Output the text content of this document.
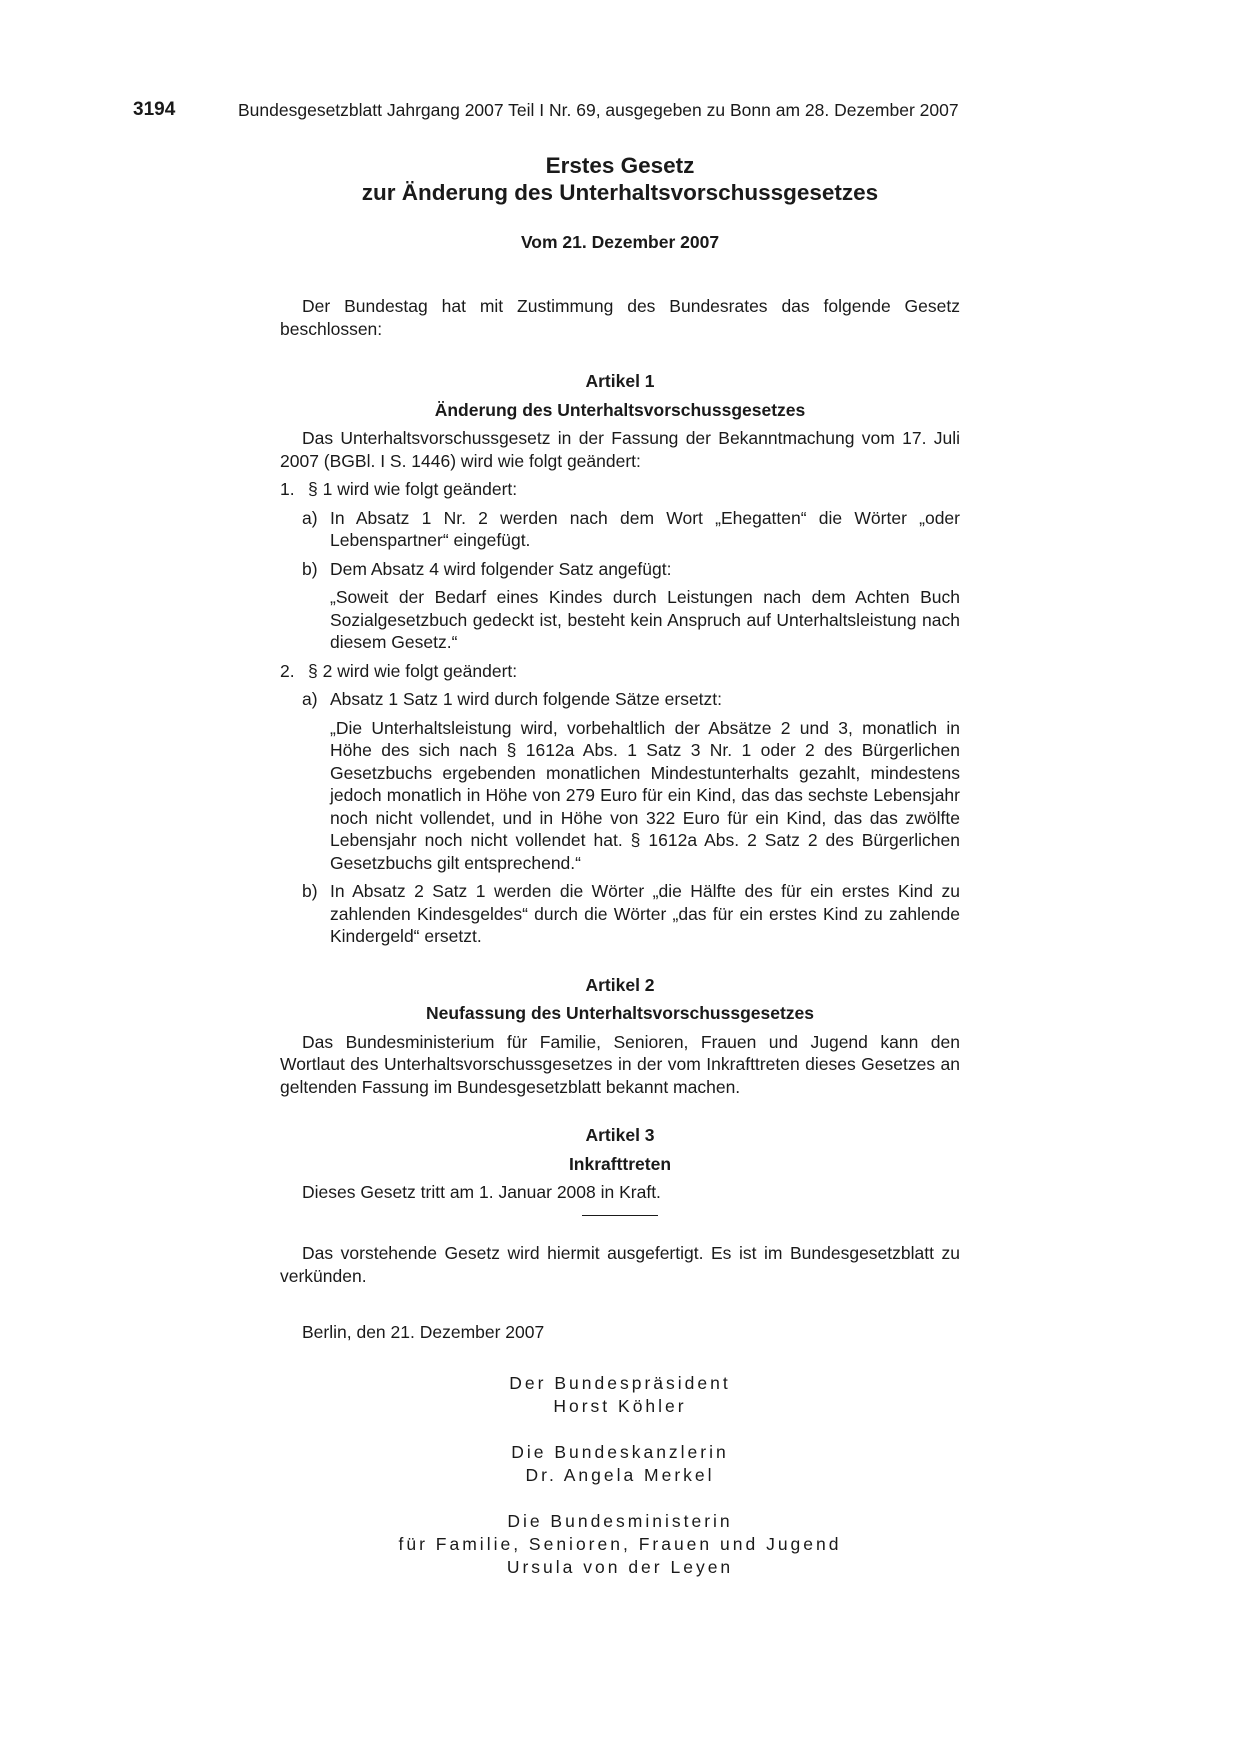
3194	Bundesgesetzblatt Jahrgang 2007 Teil I Nr. 69, ausgegeben zu Bonn am 28. Dezember 2007
Erstes Gesetz
zur Änderung des Unterhaltsvorschussgesetzes
Vom 21. Dezember 2007

Der Bundestag hat mit Zustimmung des Bundesrates das folgende Gesetz beschlossen:

Artikel 1

Änderung des Unterhaltsvorschussgesetzes

Das Unterhaltsvorschussgesetz in der Fassung der Bekanntmachung vom 17. Juli 2007 (BGBl. I S. 1446) wird wie folgt geändert:

1. § 1 wird wie folgt geändert:
a) In Absatz 1 Nr. 2 werden nach dem Wort „Ehegatten“ die Wörter „oder Lebenspartner“ eingefügt.
b) Dem Absatz 4 wird folgender Satz angefügt:

„Soweit der Bedarf eines Kindes durch Leistungen nach dem Achten Buch Sozialgesetzbuch gedeckt ist, besteht kein Anspruch auf Unterhaltsleistung nach diesem Gesetz.“

2. § 2 wird wie folgt geändert:
a) Absatz 1 Satz 1 wird durch folgende Sätze ersetzt:

„Die Unterhaltsleistung wird, vorbehaltlich der Absätze 2 und 3, monatlich in Höhe des sich nach § 1612a Abs. 1 Satz 3 Nr. 1 oder 2 des Bürgerlichen Gesetzbuchs ergebenden monatlichen Mindestunterhalts gezahlt, mindestens jedoch monatlich in Höhe von 279 Euro für ein Kind, das das sechste Lebensjahr noch nicht vollendet, und in Höhe von 322 Euro für ein Kind, das das zwölfte Lebensjahr noch nicht vollendet hat. § 1612a Abs. 2 Satz 2 des Bürgerlichen Gesetzbuchs gilt entsprechend.“

b) In Absatz 2 Satz 1 werden die Wörter „die Hälfte des für ein erstes Kind zu zahlenden Kindesgeldes“ durch die Wörter „das für ein erstes Kind zu zahlende Kindergeld“ ersetzt.

Artikel 2

Neufassung des Unterhaltsvorschussgesetzes

Das Bundesministerium für Familie, Senioren, Frauen und Jugend kann den Wortlaut des Unterhaltsvorschussgesetzes in der vom Inkrafttreten dieses Gesetzes an geltenden Fassung im Bundesgesetzblatt bekannt machen.

Artikel 3

Inkrafttreten

Dieses Gesetz tritt am 1. Januar 2008 in Kraft.

Das vorstehende Gesetz wird hiermit ausgefertigt. Es ist im Bundesgesetzblatt zu verkünden.

Berlin, den 21. Dezember 2007

Der Bundespräsident
Horst Köhler
Die Bundeskanzlerin
Dr. Angela Merkel
Die Bundesministerin
für Familie, Senioren, Frauen und Jugend
Ursula von der Leyen
